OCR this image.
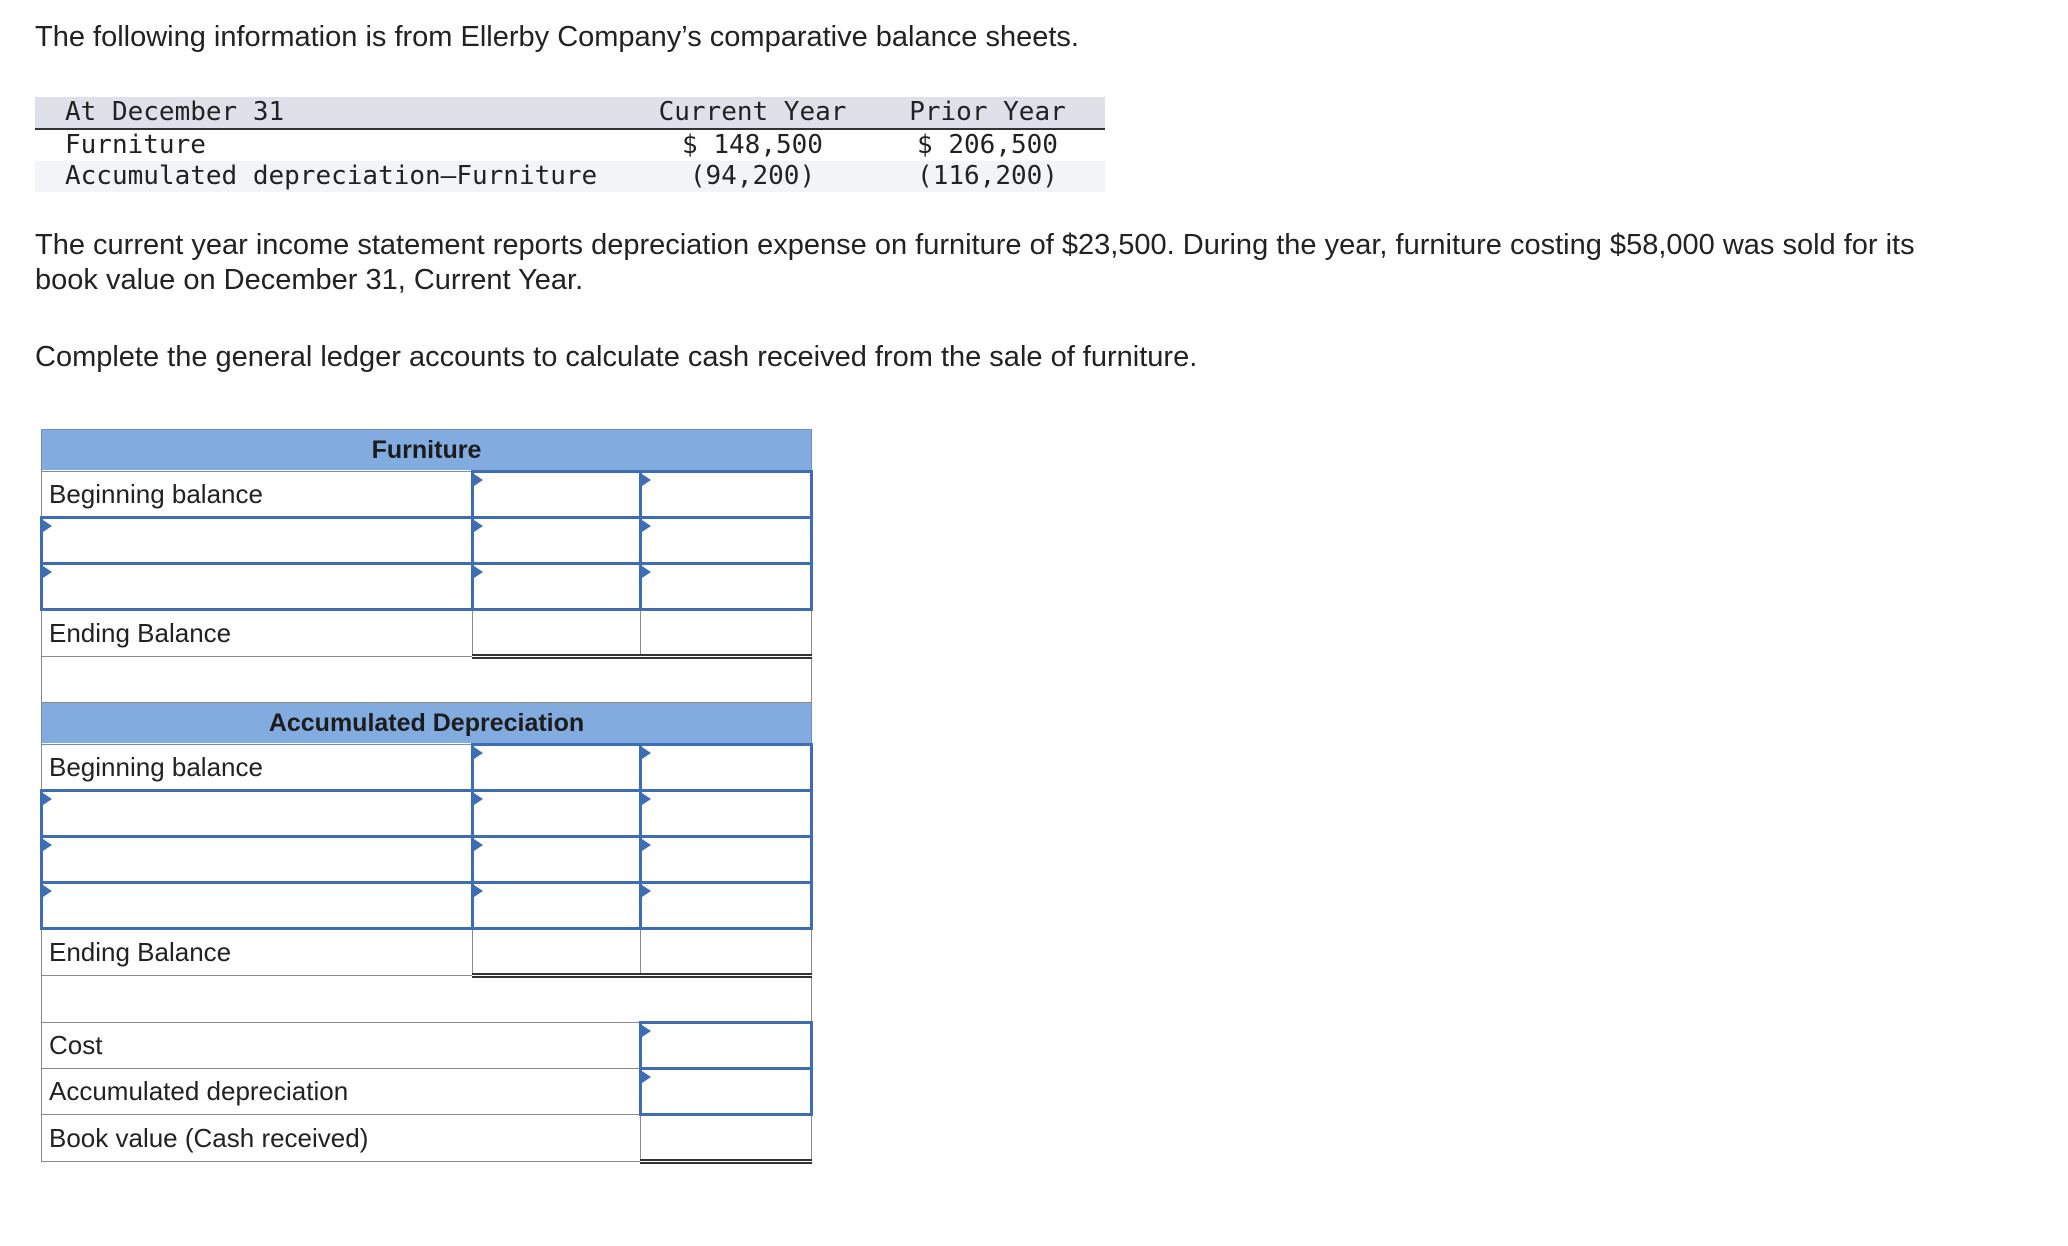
The following information is from Ellerby Company’s comparative balance sheets.

At December 31	Current Year	Prior Year
Furniture	$ 148,500	$ 206,500
Accumulated depreciation—Furniture	(94,200)	(116,200)

The current year income statement reports depreciation expense on furniture of $23,500. During the year, furniture costing $58,000 was sold for its book value on December 31, Current Year.

Complete the general ledger accounts to calculate cash received from the sale of furniture.

Furniture		
Beginning balance		

Ending Balance		

Accumulated Depreciation		
Beginning balance		

Ending Balance		

Cost	
Accumulated depreciation	
Book value (Cash received)		
